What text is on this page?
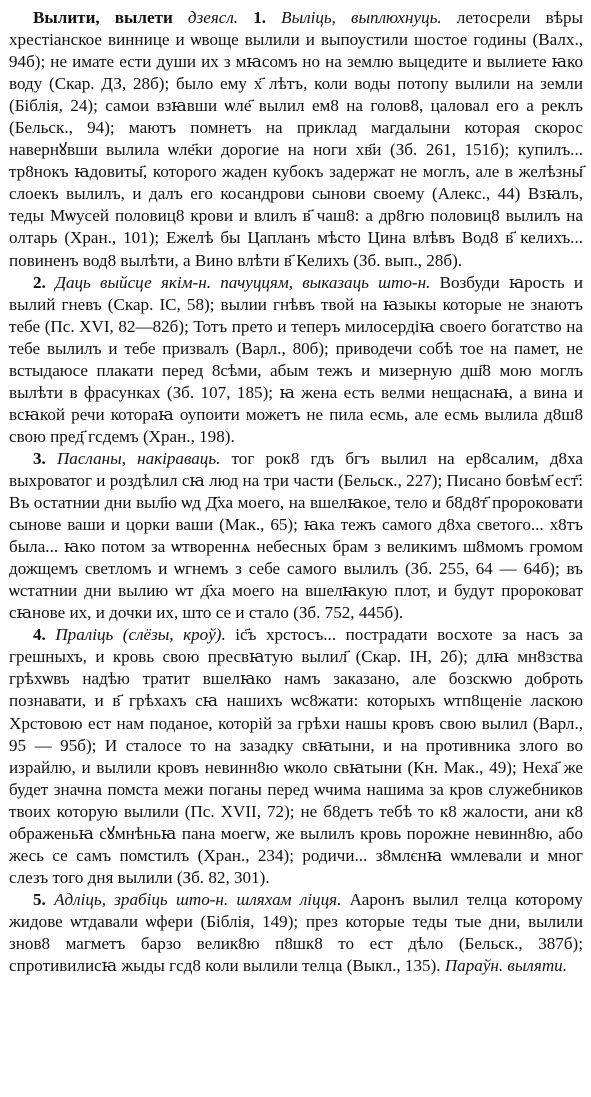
Вылити, вылети дзеясл. 1. Выліць, выплюхнуць. летосрели вѣры хрестіанское виннице и ѡвоще вылили и выпоустили шостое годины (Валх., 94б); не имате ести души их з мꙗсомъ но на землю выцедите и вылиете ꙗко воду (Скар. ДЗ, 28б); было ему х҃ лѣтъ, коли воды потопу вылили на земли (Біблія, 24); самои взꙗвши ѡле҃ вылил ем8 на голов8, цаловал его а реклъ (Бельск., 94); маютъ помнетъ на приклад магдалыни которая скорос навернꙋвши вылила ѡле҃ки дорогие на ноги хв҃и (Зб. 261, 151б); купилъ... тр8нокъ ꙗдовиты҃, которого жаден кубокъ задержат не моглъ, але в желѣзны҃ слоекъ вылилъ, и далъ его косандрови сынови своему (Алекс., 44) Взꙗлъ, теды Мѡусей половиц8 крови и влилъ в҃ чаш8: а др8гю половиц8 вылилъ на олтарь (Хран., 101); Ежелѣ бы Цапланъ мѣсто Цина влѣвъ Вод8 в҃ келихъ... повиненъ вод8 вылѣти, а Вино влѣти в҃ Келихъ (Зб. вып., 28б).

2. Даць выйсце якім-н. пачуццям, выказаць што-н. Возбуди ꙗрость и вылий гневъ (Скар. ІС, 58); вылии гнѣвъ твой на ꙗзыкы которые не знаютъ тебе (Пс. XVI, 82—82б); Тотъ прето и теперъ милосердіꙗ своего богатство на тебе вылилъ и тебе призвалъ (Варл., 80б); приводечи собѣ тое на памет, не встыдаюсе плакати перед 8сѣми, абым тежъ и мизерную дш҃8 мою моглъ вылѣти в фрасунках (Зб. 107, 185); ꙗ жена есть велми нещаснаꙗ, а вина и всꙗкой речи котораꙗ оупоити можетъ не пила есмь, але есмь вылила д8ш8 свою пред҃ гсдемъ (Хран., 198).

3. Пасланы, накіраваць. тог рок8 гдъ бгъ вылил на ер8салим, д8ха выхроватог и роздѣлил сꙗ люд на три части (Бельск., 227); Писано бовѣм҃ ест҃: Въ остатнии дни выл҃ю ѡд Д҃ха моего, на вшелꙗкое, тело и б8д8т҃ пророковати сынове ваши и цорки ваши (Мак., 65); ꙗка тежъ самого д8ха светого... х8тъ была... ꙗко потом за ѡтвореннѧ небесных брам з великимъ ш8момъ громом дожщемъ светломъ и ѡгнемъ з себе самого вылилъ (Зб. 255, 64 — 64б); въ ѡстатнии дни вылию ѡт д҃ха моего на вшелꙗкую плот, и будут пророковат сꙗнове их, и дочки их, што се и стало (Зб. 752, 445б).

4. Праліць (слёзы, кроў). ic҃ъ хрстосъ... пострадати восхоте за насъ за грешныхъ, и кровь свою пресвꙗтую вылил҃ (Скар. ІН, 2б); длꙗ мн8зства грѣхѡвъ надѣю тратит вшелꙗко намъ заказано, але бозскѡю доброть познавати, и в҃ грѣхахъ сꙗ нашихъ ѡс8жати: которыхъ ѡтп8щеніе ласкою Хрстовою ест нам поданое, которій за грѣхи нашы кровъ свою вылил (Варл., 95 — 95б); И сталосе то на зазадку свꙗтыни, и на противника злого во израйлю, и вылили кровъ невинн8ю ѡколо свꙗтыни (Кн. Мак., 49); Неха҃ же будет значна помста межи поганы перед ѡчима нашима за кров служебников твоих которую вылили (Пс. XVII, 72); не б8детъ тебѣ то к8 жалости, ани к8 ображеньꙗ сꙋмнѣньꙗ пана моегѡ, же вылилъ кровь порожне невинн8ю, або жесь се самъ помстилъ (Хран., 234); родичи... з8млєнꙗ ѡмлевали и мног слезъ того дня вылили (Зб. 82, 301).

5. Адліць, зрабіць што-н. шляхам ліцця. Ааронъ вылил телца которому жидове ѡтдавали ѡфери (Біблія, 149); прeз которые теды тые дни, вылили знов8 магметъ барзо велик8ю п8шк8 то ест дѣло (Бельск., 387б); спротивилисꙗ жыды гсд8 коли вылили телца (Выкл., 135). Параўн. выляти.
